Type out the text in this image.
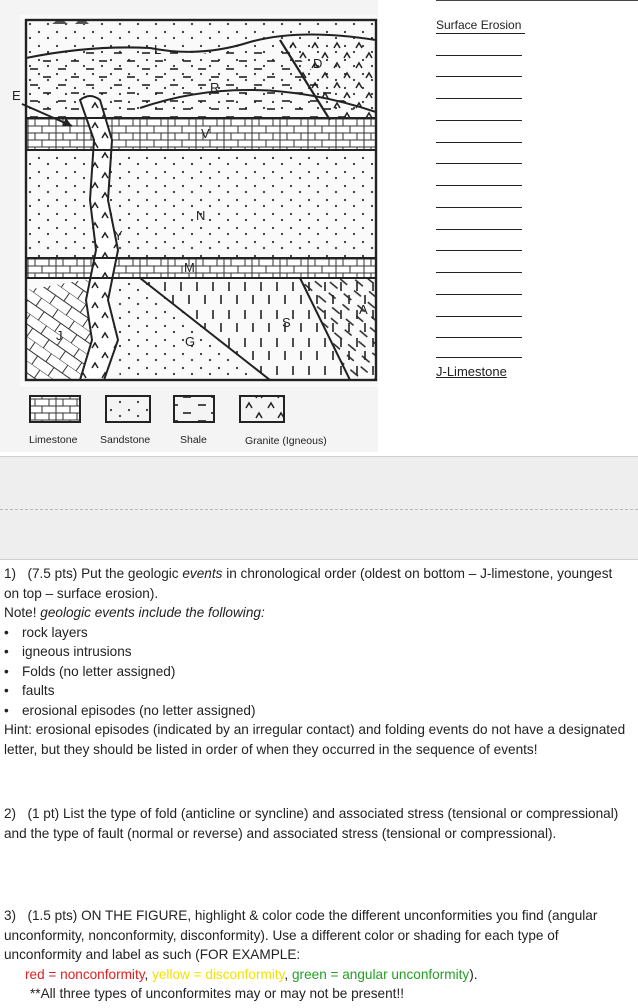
L
R
D
E
V
N
Y
M
A
S
G
J
Limestone Sandstone	Shale	Granite (Igneous)
Surface Erosion
J-Limestone

1) (7.5 pts) Put the geologic events in chronological order (oldest on bottom – J-limestone, youngest on top – surface erosion).

Note! geologic events include the following:

• rock layers

• igneous intrusions

• Folds (no letter assigned)

• faults

• erosional episodes (no letter assigned)

Hint: erosional episodes (indicated by an irregular contact) and folding events do not have a designated letter, but they should be listed in order of when they occurred in the sequence of events!

2) (1 pt) List the type of fold (anticline or syncline) and associated stress (tensional or compressional) and the type of fault (normal or reverse) and associated stress (tensional or compressional).

3) (1.5 pts) ON THE FIGURE, highlight & color code the different unconformities you find (angular unconformity, nonconformity, disconformity). Use a different color or shading for each type of unconformity and label as such (FOR EXAMPLE:

red = nonconformity, yellow = disconformity, green = angular unconformity).

**All three types of unconformites may or may not be present!!
